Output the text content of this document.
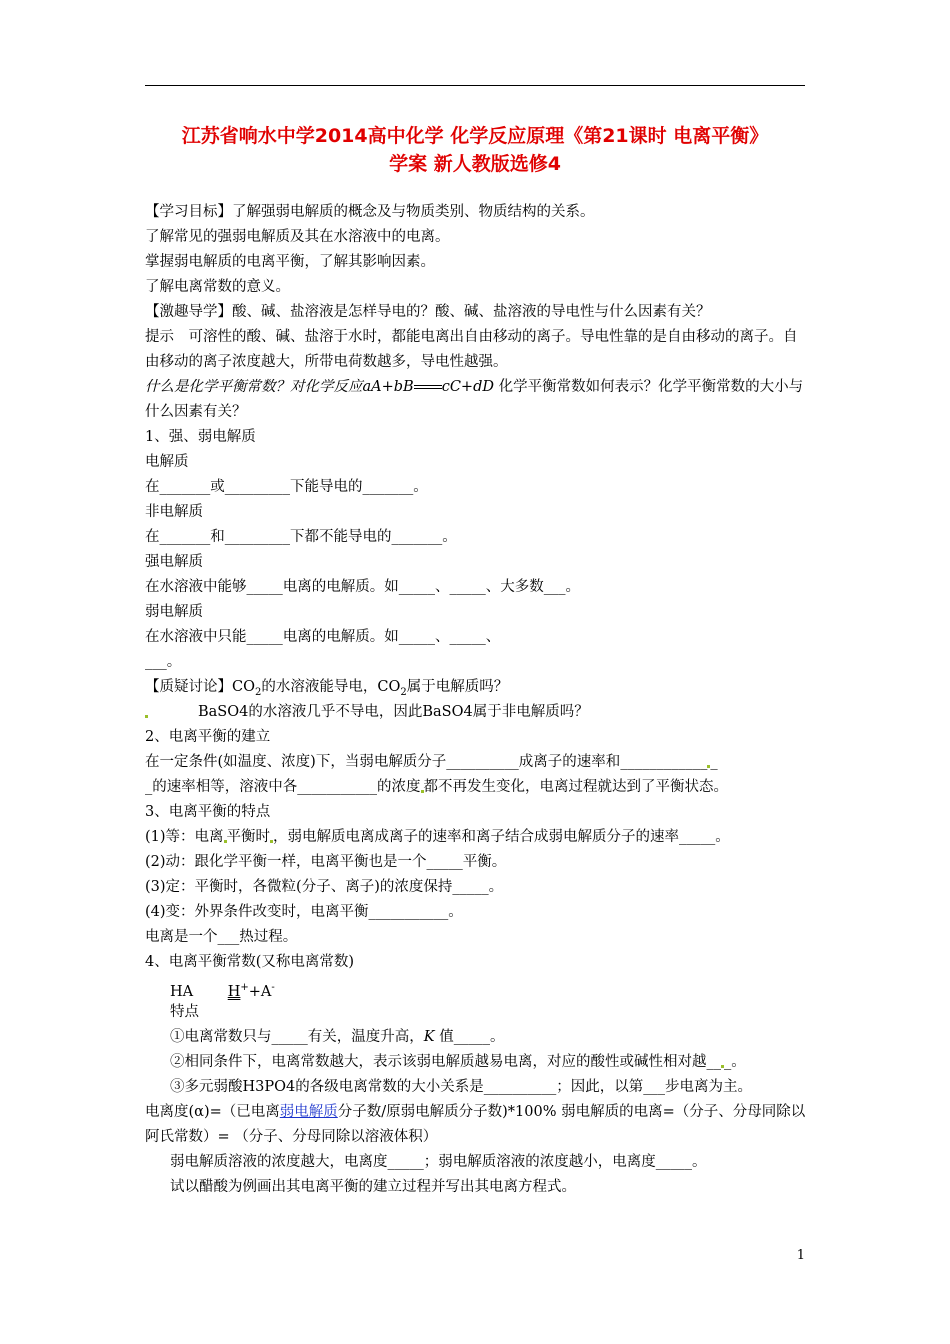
江苏省响水中学2014高中化学 化学反应原理《第21课时 电离平衡》
学案 新人教版选修4
【学习目标】了解强弱电解质的概念及与物质类别、物质结构的关系。
了解常见的强弱电解质及其在水溶液中的电离。
掌握弱电解质的电离平衡，了解其影响因素。
了解电离常数的意义。
【激趣导学】酸、碱、盐溶液是怎样导电的？酸、碱、盐溶液的导电性与什么因素有关？
提示　可溶性的酸、碱、盐溶于水时，都能电离出自由移动的离子。导电性靠的是自由移动的离子。自由移动的离子浓度越大，所带电荷数越多，导电性越强。
什么是化学平衡常数？对化学反应aA+bB cC+dD 化学平衡常数如何表示？化学平衡常数的大小与什么因素有关？
1、强、弱电解质
电解质
在_______或_________下能导电的_______。
非电解质
在_______和_________下都不能导电的_______。
强电解质
在水溶液中能够_____电离的电解质。如_____、_____、大多数___。
弱电解质
在水溶液中只能_____电离的电解质。如_____、_____、
___。
【质疑讨论】$CO_2$的水溶液能导电，$CO_2$属于电解质吗？
BaSO4的水溶液几乎不导电，因此BaSO4属于非电解质吗？
2、电离平衡的建立
在一定条件(如温度、浓度)下，当弱电解质分子__________成离子的速率和____________ _
_的速率相等，溶液中各___________的浓度 都不再发生变化，电离过程就达到了平衡状态。
3、电离平衡的特点
(1)等：电离 平衡时 ，弱电解质电离成离子的速率和离子结合成弱电解质分子的速率_____。
(2)动：跟化学平衡一样，电离平衡也是一个_____平衡。
(3)定：平衡时，各微粒(分子、离子)的浓度保持_____。
(4)变：外界条件改变时，电离平衡___________。
电离是一个___热过程。
4、电离平衡常数(又称电离常数)
HA H++A-
特点
①电离常数只与_____有关，温度升高，K 值_____。
②相同条件下，电离常数越大，表示该弱电解质越易电离，对应的酸性或碱性相对越__ _。
③多元弱酸H3PO4的各级电离常数的大小关系是__________；因此，以第___步电离为主。
电离度(α)=（已电离弱电解质分子数/原弱电解质分子数)*100% 弱电解质的电离=（分子、分母同除以阿氏常数）= （分子、分母同除以溶液体积）
弱电解质溶液的浓度越大，电离度_____；弱电解质溶液的浓度越小，电离度_____。
试以醋酸为例画出其电离平衡的建立过程并写出其电离方程式。
1
